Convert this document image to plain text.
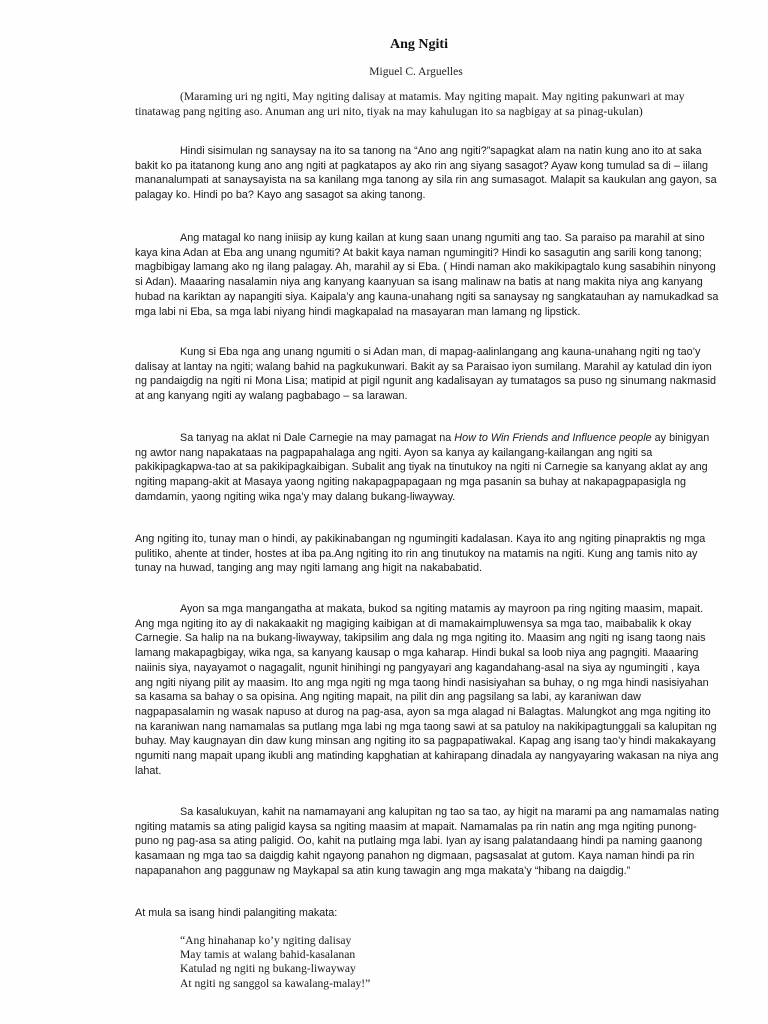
Ang Ngiti
Miguel C. Arguelles

(Maraming uri ng ngiti, May ngiting dalisay at matamis. May ngiting mapait. May ngiting pakunwari at may tinatawag pang ngiting aso. Anuman ang uri nito, tiyak na may kahulugan ito sa nagbigay at sa pinag-ukulan)

Hindi sisimulan ng sanaysay na ito sa tanong na “Ano ang ngiti?”sapagkat alam na natin kung ano ito at saka bakit ko pa itatanong kung ano ang ngiti at pagkatapos ay ako rin ang siyang sasagot? Ayaw kong tumulad sa di – iilang mananalumpati at sanaysayista na sa kanilang mga tanong ay sila rin ang sumasagot. Malapit sa kaukulan ang gayon, sa palagay ko. Hindi po ba? Kayo ang sasagot sa aking tanong.

Ang matagal ko nang iniisip ay kung kailan at kung saan unang ngumiti ang tao. Sa paraiso pa marahil at sino kaya kina Adan at Eba ang unang ngumiti? At bakit kaya naman ngumingiti? Hindi ko sasagutin ang sarili kong tanong; magbibigay lamang ako ng ilang palagay. Ah, marahil ay si Eba. ( Hindi naman ako makikipagtalo kung sasabihin ninyong si Adan). Maaaring nasalamin niya ang kanyang kaanyuan sa isang malinaw na batis at nang makita niya ang kanyang hubad na kariktan ay napangiti siya. Kaipala’y ang kauna-unahang ngiti sa sanaysay ng sangkatauhan ay namukadkad sa mga labi ni Eba, sa mga labi niyang hindi magkapalad na masayaran man lamang ng lipstick.

Kung si Eba nga ang unang ngumiti o si Adan man, di mapag-aalinlangang ang kauna-unahang ngiti ng tao’y dalisay at lantay na ngiti; walang bahid na pagkukunwari. Bakit ay sa Paraisao iyon sumilang. Marahil ay katulad din iyon ng pandaigdig na ngiti ni Mona Lisa; matipid at pigil ngunit ang kadalisayan ay tumatagos sa puso ng sinumang nakmasid at ang kanyang ngiti ay walang pagbabago – sa larawan.

Sa tanyag na aklat ni Dale Carnegie na may pamagat na How to Win Friends and Influence people ay binigyan ng awtor nang napakataas na pagpapahalaga ang ngiti. Ayon sa kanya ay kailangang-kailangan ang ngiti sa pakikipagkapwa-tao at sa pakikipagkaibigan. Subalit ang tiyak na tinutukoy na ngiti ni Carnegie sa kanyang aklat ay ang ngiting mapang-akit at Masaya yaong ngiting nakapagpapagaan ng mga pasanin sa buhay at nakapagpapasigla ng damdamin, yaong ngiting wika nga’y may dalang bukang-liwayway.

Ang ngiting ito, tunay man o hindi, ay pakikinabangan ng ngumingiti kadalasan. Kaya ito ang ngiting pinapraktis ng mga pulitiko, ahente at tinder, hostes at iba pa.Ang ngiting ito rin ang tinutukoy na matamis na ngiti. Kung ang tamis nito ay tunay na huwad, tanging ang may ngiti lamang ang higit na nakababatid.

Ayon sa mga mangangatha at makata, bukod sa ngiting matamis ay mayroon pa ring ngiting maasim, mapait. Ang mga ngiting ito ay di nakakaakit ng magiging kaibigan at di mamakaimpluwensya sa mga tao, maibabalik k okay Carnegie. Sa halip na na bukang-liwayway, takipsilim ang dala ng mga ngiting ito. Maasim ang ngiti ng isang taong nais lamang makapagbigay, wika nga, sa kanyang kausap o mga kaharap. Hindi bukal sa loob niya ang pagngiti. Maaaring naiinis siya, nayayamot o nagagalit, ngunit hinihingi ng pangyayari ang kagandahang-asal na siya ay ngumingiti , kaya ang ngiti niyang pilit ay maasim. Ito ang mga ngiti ng mga taong hindi nasisiyahan sa buhay, o ng mga hindi nasisiyahan sa kasama sa bahay o sa opisina. Ang ngiting mapait, na pilit din ang pagsilang sa labi, ay karaniwan daw nagpapasalamin ng wasak napuso at durog na pag-asa, ayon sa mga alagad ni Balagtas. Malungkot ang mga ngiting ito na karaniwan nang namamalas sa putlang mga labi ng mga taong sawi at sa patuloy na nakikipagtunggali sa kalupitan ng buhay. May kaugnayan din daw kung minsan ang ngiting ito sa pagpapatiwakal. Kapag ang isang tao’y hindi makakayang ngumiti nang mapait upang ikubli ang matinding kapghatian at kahirapang dinadala ay nangyayaring wakasan na niya ang lahat.

Sa kasalukuyan, kahit na namamayani ang kalupitan ng tao sa tao, ay higit na marami pa ang namamalas nating ngiting matamis sa ating paligid kaysa sa ngiting maasim at mapait. Namamalas pa rin natin ang mga ngiting punong-puno ng pag-asa sa ating paligid. Oo, kahit na putlaing mga labi. Iyan ay isang palatandaang hindi pa naming gaanong kasamaan ng mga tao sa daigdig kahit ngayong panahon ng digmaan, pagsasalat at gutom. Kaya naman hindi pa rin napapanahon ang paggunaw ng Maykapal sa atin kung tawagin ang mga makata’y “hibang na daigdig.”

At mula sa isang hindi palangiting makata:

“Ang hinahanap ko’y ngiting dalisay
May tamis at walang bahid-kasalanan
Katulad ng ngiti ng bukang-liwayway
At ngiti ng sanggol sa kawalang-malay!”
